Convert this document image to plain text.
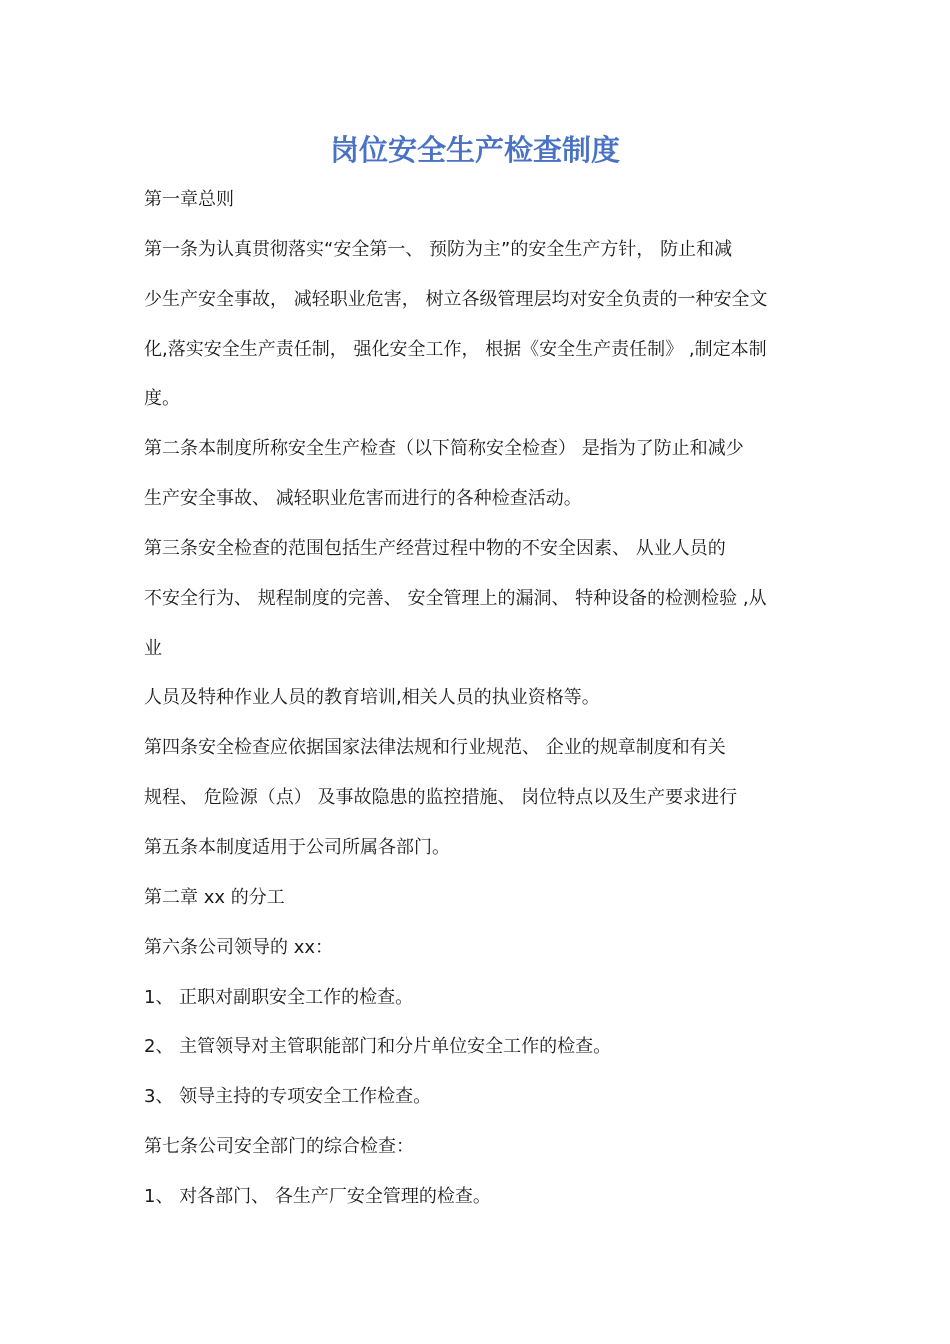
岗位安全生产检查制度
第一章总则
第一条为认真贯彻落实“安全第一、 预防为主”的安全生产方针， 防止和减
少生产安全事故， 减轻职业危害， 树立各级管理层均对安全负责的一种安全文
化,落实安全生产责任制， 强化安全工作， 根据《安全生产责任制》 ,制定本制
度。
第二条本制度所称安全生产检查（以下简称安全检查） 是指为了防止和减少
生产安全事故、 减轻职业危害而进行的各种检查活动。
第三条安全检查的范围包括生产经营过程中物的不安全因素、 从业人员的
不安全行为、 规程制度的完善、 安全管理上的漏洞、 特种设备的检测检验 ,从
业
人员及特种作业人员的教育培训,相关人员的执业资格等。
第四条安全检查应依据国家法律法规和行业规范、 企业的规章制度和有关
规程、 危险源（点） 及事故隐患的监控措施、 岗位特点以及生产要求进行
第五条本制度适用于公司所属各部门。
第二章 xx 的分工
第六条公司领导的 xx：
1、 正职对副职安全工作的检查。
2、 主管领导对主管职能部门和分片单位安全工作的检查。
3、 领导主持的专项安全工作检查。
第七条公司安全部门的综合检查：
1、 对各部门、 各生产厂安全管理的检查。
